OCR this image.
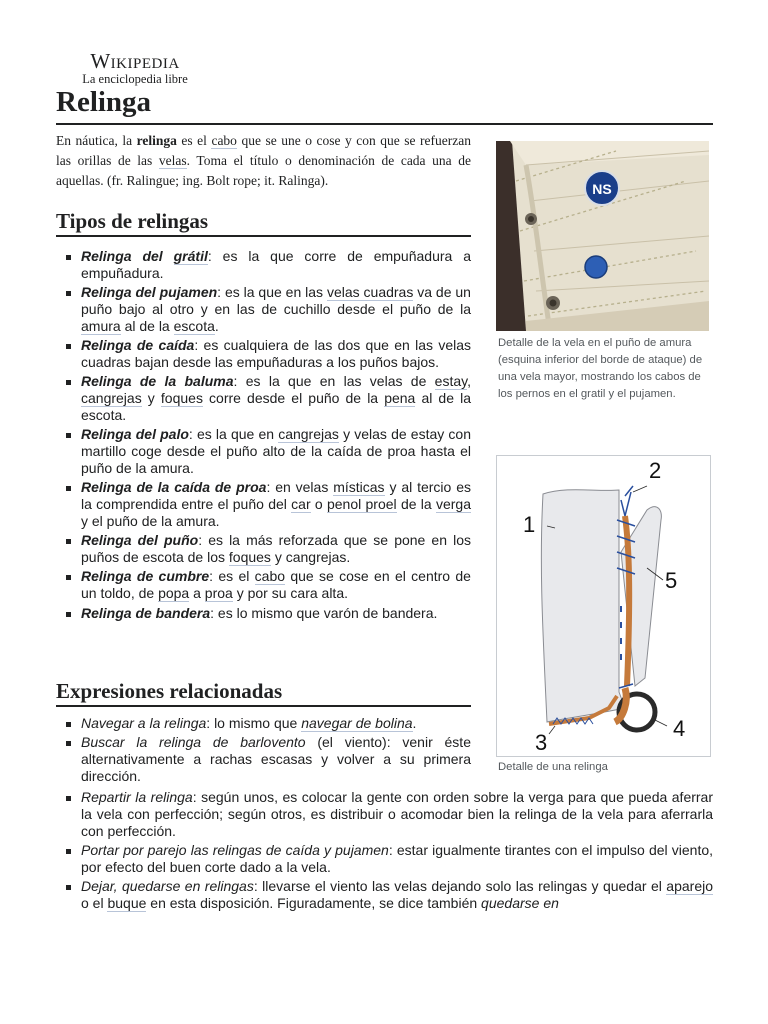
Wikipedia
La enciclopedia libre
Relinga
En náutica, la relinga es el cabo que se une o cose y con que se refuerzan las orillas de las velas. Toma el título o denominación de cada una de aquellas. (fr. Ralingue; ing. Bolt rope; it. Ralinga).
Tipos de relingas
Relinga del grátil: es la que corre de empuñadura a empuñadura.
Relinga del pujamen: es la que en las velas cuadras va de un puño bajo al otro y en las de cuchillo desde el puño de la amura al de la escota.
Relinga de caída: es cualquiera de las dos que en las velas cuadras bajan desde las empuñaduras a los puños bajos.
Relinga de la baluma: es la que en las velas de estay, cangrejas y foques corre desde el puño de la pena al de la escota.
Relinga del palo: es la que en cangrejas y velas de estay con martillo coge desde el puño alto de la caída de proa hasta el puño de la amura.
Relinga de la caída de proa: en velas místicas y al tercio es la comprendida entre el puño del car o penol proel de la verga y el puño de la amura.
Relinga del puño: es la más reforzada que se pone en los puños de escota de los foques y cangrejas.
Relinga de cumbre: es el cabo que se cose en el centro de un toldo, de popa a proa y por su cara alta.
Relinga de bandera: es lo mismo que varón de bandera.
Expresiones relacionadas
Navegar a la relinga: lo mismo que navegar de bolina.
Buscar la relinga de barlovento (el viento): venir éste alternativamente a rachas escasas y volver a su primera dirección.
Repartir la relinga: según unos, es colocar la gente con orden sobre la verga para que pueda aferrar la vela con perfección; según otros, es distribuir o acomodar bien la relinga de la vela para aferrarla con perfección.
Portar por parejo las relingas de caída y pujamen: estar igualmente tirantes con el impulso del viento, por efecto del buen corte dado a la vela.
Dejar, quedarse en relingas: llevarse el viento las velas dejando solo las relingas y quedar el aparejo o el buque en esta disposición. Figuradamente, se dice también quedarse en
NS
Detalle de la vela en el puño de amura (esquina inferior del borde de ataque) de una vela mayor, mostrando los cabos de los pernos en el gratil y el pujamen.
1
2
3
4
5
Detalle de una relinga
